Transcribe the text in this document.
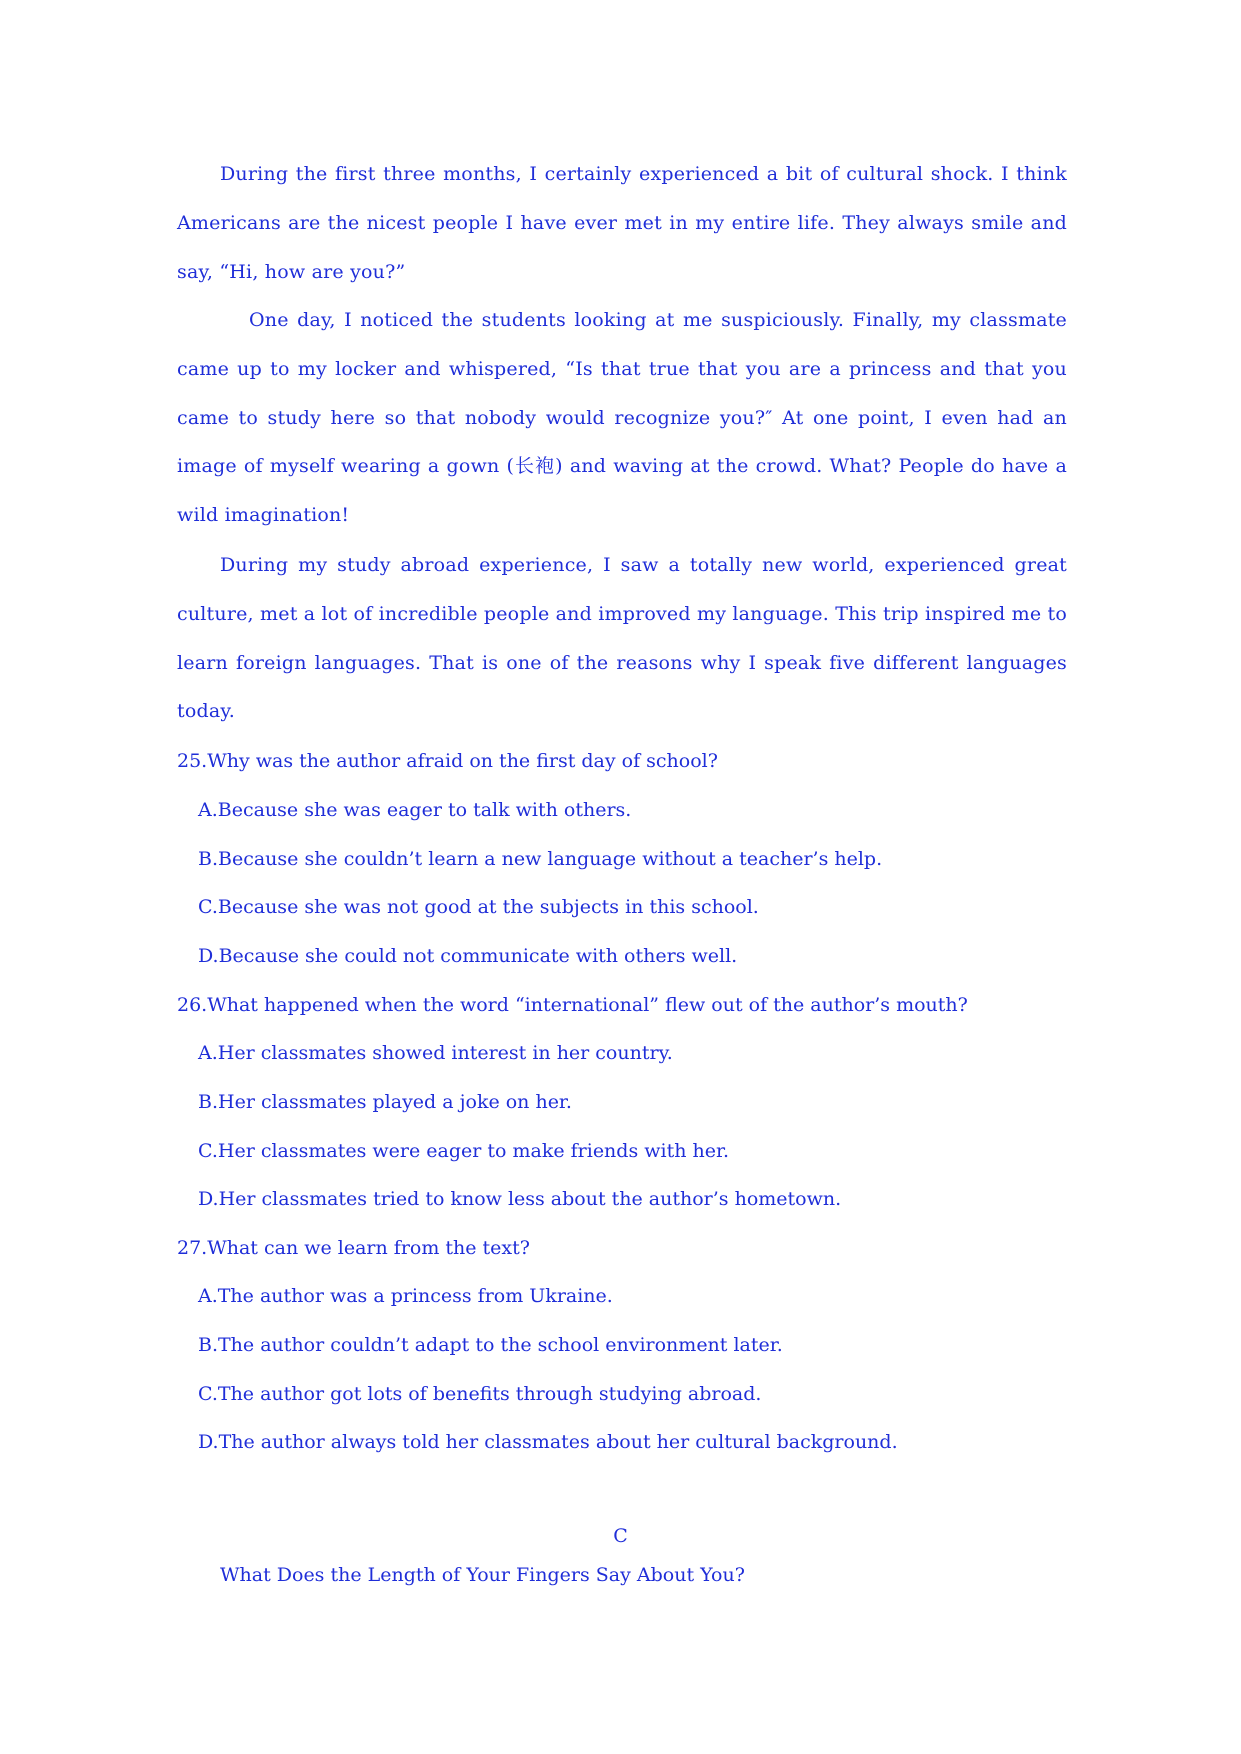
During the first three months, I certainly experienced a bit of cultural shock. I think Americans are the nicest people I have ever met in my entire life. They always smile and say, “Hi, how are you?”

One day, I noticed the students looking at me suspiciously. Finally, my classmate came up to my locker and whispered, “Is that true that you are a princess and that you came to study here so that nobody would recognize you?″ At one point, I even had an image of myself wearing a gown (长袍) and waving at the crowd. What? People do have a wild imagination!

During my study abroad experience, I saw a totally new world, experienced great culture, met a lot of incredible people and improved my language. This trip inspired me to learn foreign languages. That is one of the reasons why I speak five different languages today.

25.Why was the author afraid on the first day of school?

A.Because she was eager to talk with others.

B.Because she couldn’t learn a new language without a teacher’s help.

C.Because she was not good at the subjects in this school.

D.Because she could not communicate with others well.

26.What happened when the word “international” flew out of the author’s mouth?

A.Her classmates showed interest in her country.

B.Her classmates played a joke on her.

C.Her classmates were eager to make friends with her.

D.Her classmates tried to know less about the author’s hometown.

27.What can we learn from the text?

A.The author was a princess from Ukraine.

B.The author couldn’t adapt to the school environment later.

C.The author got lots of benefits through studying abroad.

D.The author always told her classmates about her cultural background.

C

What Does the Length of Your Fingers Say About You?
